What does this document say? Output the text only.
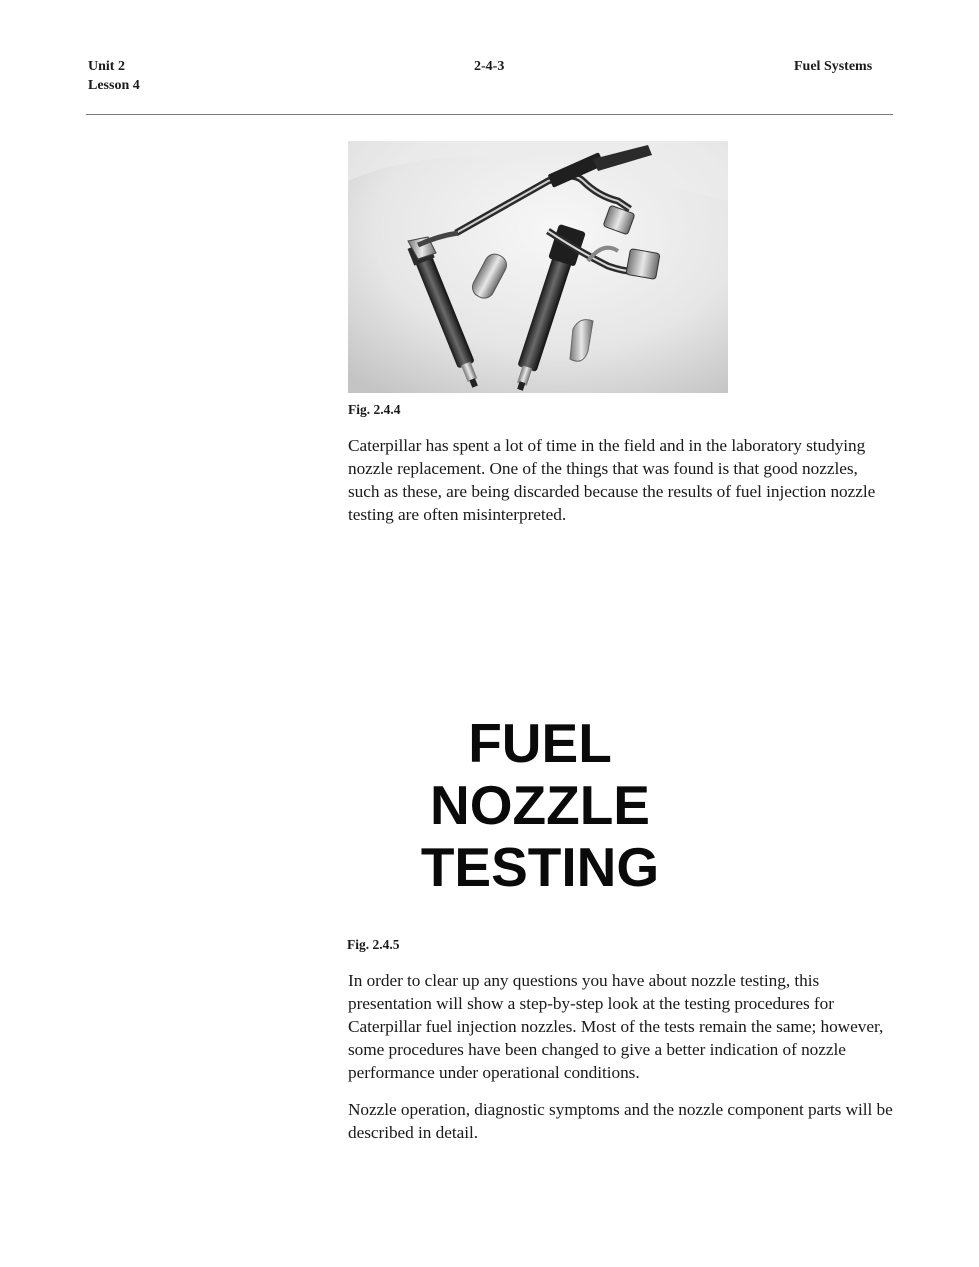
Unit 2
Lesson 4
2-4-3	Fuel Systems
Fig. 2.4.4

Caterpillar has spent a lot of time in the field and in the laboratory studying nozzle replacement. One of the things that was found is that good nozzles, such as these, are being discarded because the results of fuel injection nozzle testing are often misinterpreted.

FUEL
NOZZLE
TESTING
Fig. 2.4.5

In order to clear up any questions you have about nozzle testing, this presentation will show a step-by-step look at the testing procedures for Caterpillar fuel injection nozzles. Most of the tests remain the same; however, some procedures have been changed to give a better indication of nozzle performance under operational conditions.

Nozzle operation, diagnostic symptoms and the nozzle component parts will be described in detail.
